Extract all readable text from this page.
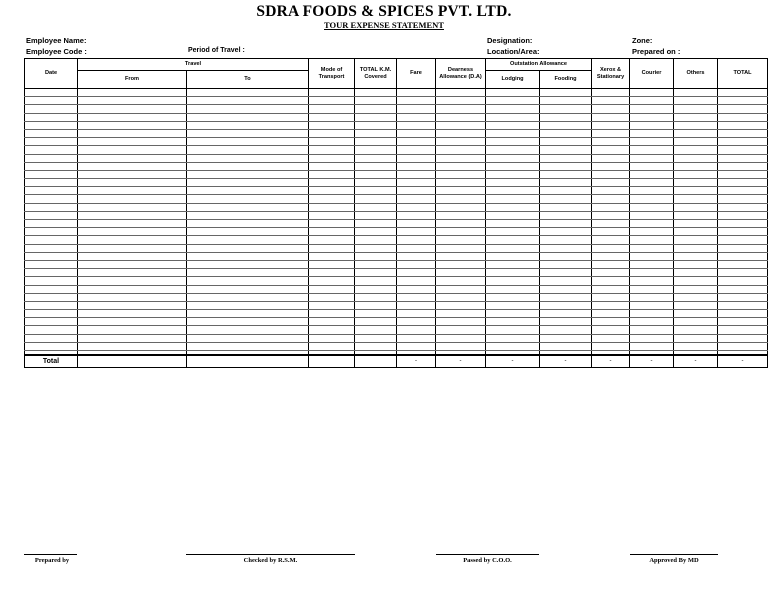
SDRA FOODS & SPICES PVT. LTD.
TOUR EXPENSE STATEMENT
Employee Name:
Employee Code :	Period of Travel :
Designation:
Location/Area:
Zone:
Prepared on :
Date	Travel		Mode of Transport	TOTAL K.M. Covered	Fare	Dearness Allowance (D.A)	Outstation Allowance		Xerox & Stationary	Courier	Others	TOTAL
	From	To					Lodging	Fooding				

Total					-	-	-	-	-	-	-	-
Prepared by	Checked by R.S.M.	Passed by C.O.O.	Approved By MD
